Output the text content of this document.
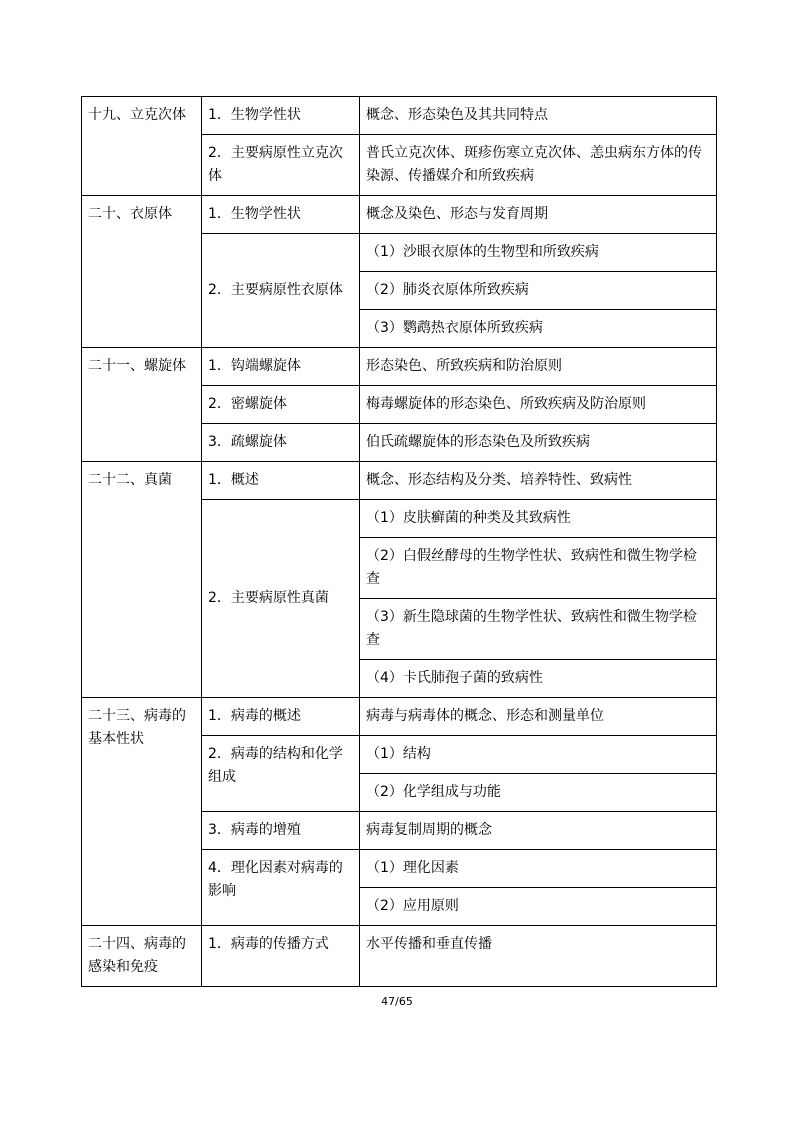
十九、立克次体	1．生物学性状	概念、形态染色及其共同特点
	2．主要病原性立克次体	普氏立克次体、斑疹伤寒立克次体、恙虫病东方体的传染源、传播媒介和所致疾病
二十、衣原体	1．生物学性状	概念及染色、形态与发育周期
	2．主要病原性衣原体	（1）沙眼衣原体的生物型和所致疾病
		（2）肺炎衣原体所致疾病
		（3）鹦鹉热衣原体所致疾病
二十一、螺旋体	1．钩端螺旋体	形态染色、所致疾病和防治原则
	2．密螺旋体	梅毒螺旋体的形态染色、所致疾病及防治原则
	3．疏螺旋体	伯氏疏螺旋体的形态染色及所致疾病
二十二、真菌	1．概述	概念、形态结构及分类、培养特性、致病性
	2．主要病原性真菌	（1）皮肤癣菌的种类及其致病性
		（2）白假丝酵母的生物学性状、致病性和微生物学检查
		（3）新生隐球菌的生物学性状、致病性和微生物学检查
		（4）卡氏肺孢子菌的致病性
二十三、病毒的基本性状	1．病毒的概述	病毒与病毒体的概念、形态和测量单位
	2．病毒的结构和化学组成	（1）结构
		（2）化学组成与功能
	3．病毒的增殖	病毒复制周期的概念
	4．理化因素对病毒的影响	（1）理化因素
		（2）应用原则
二十四、病毒的感染和免疫	1．病毒的传播方式	水平传播和垂直传播
47/65
